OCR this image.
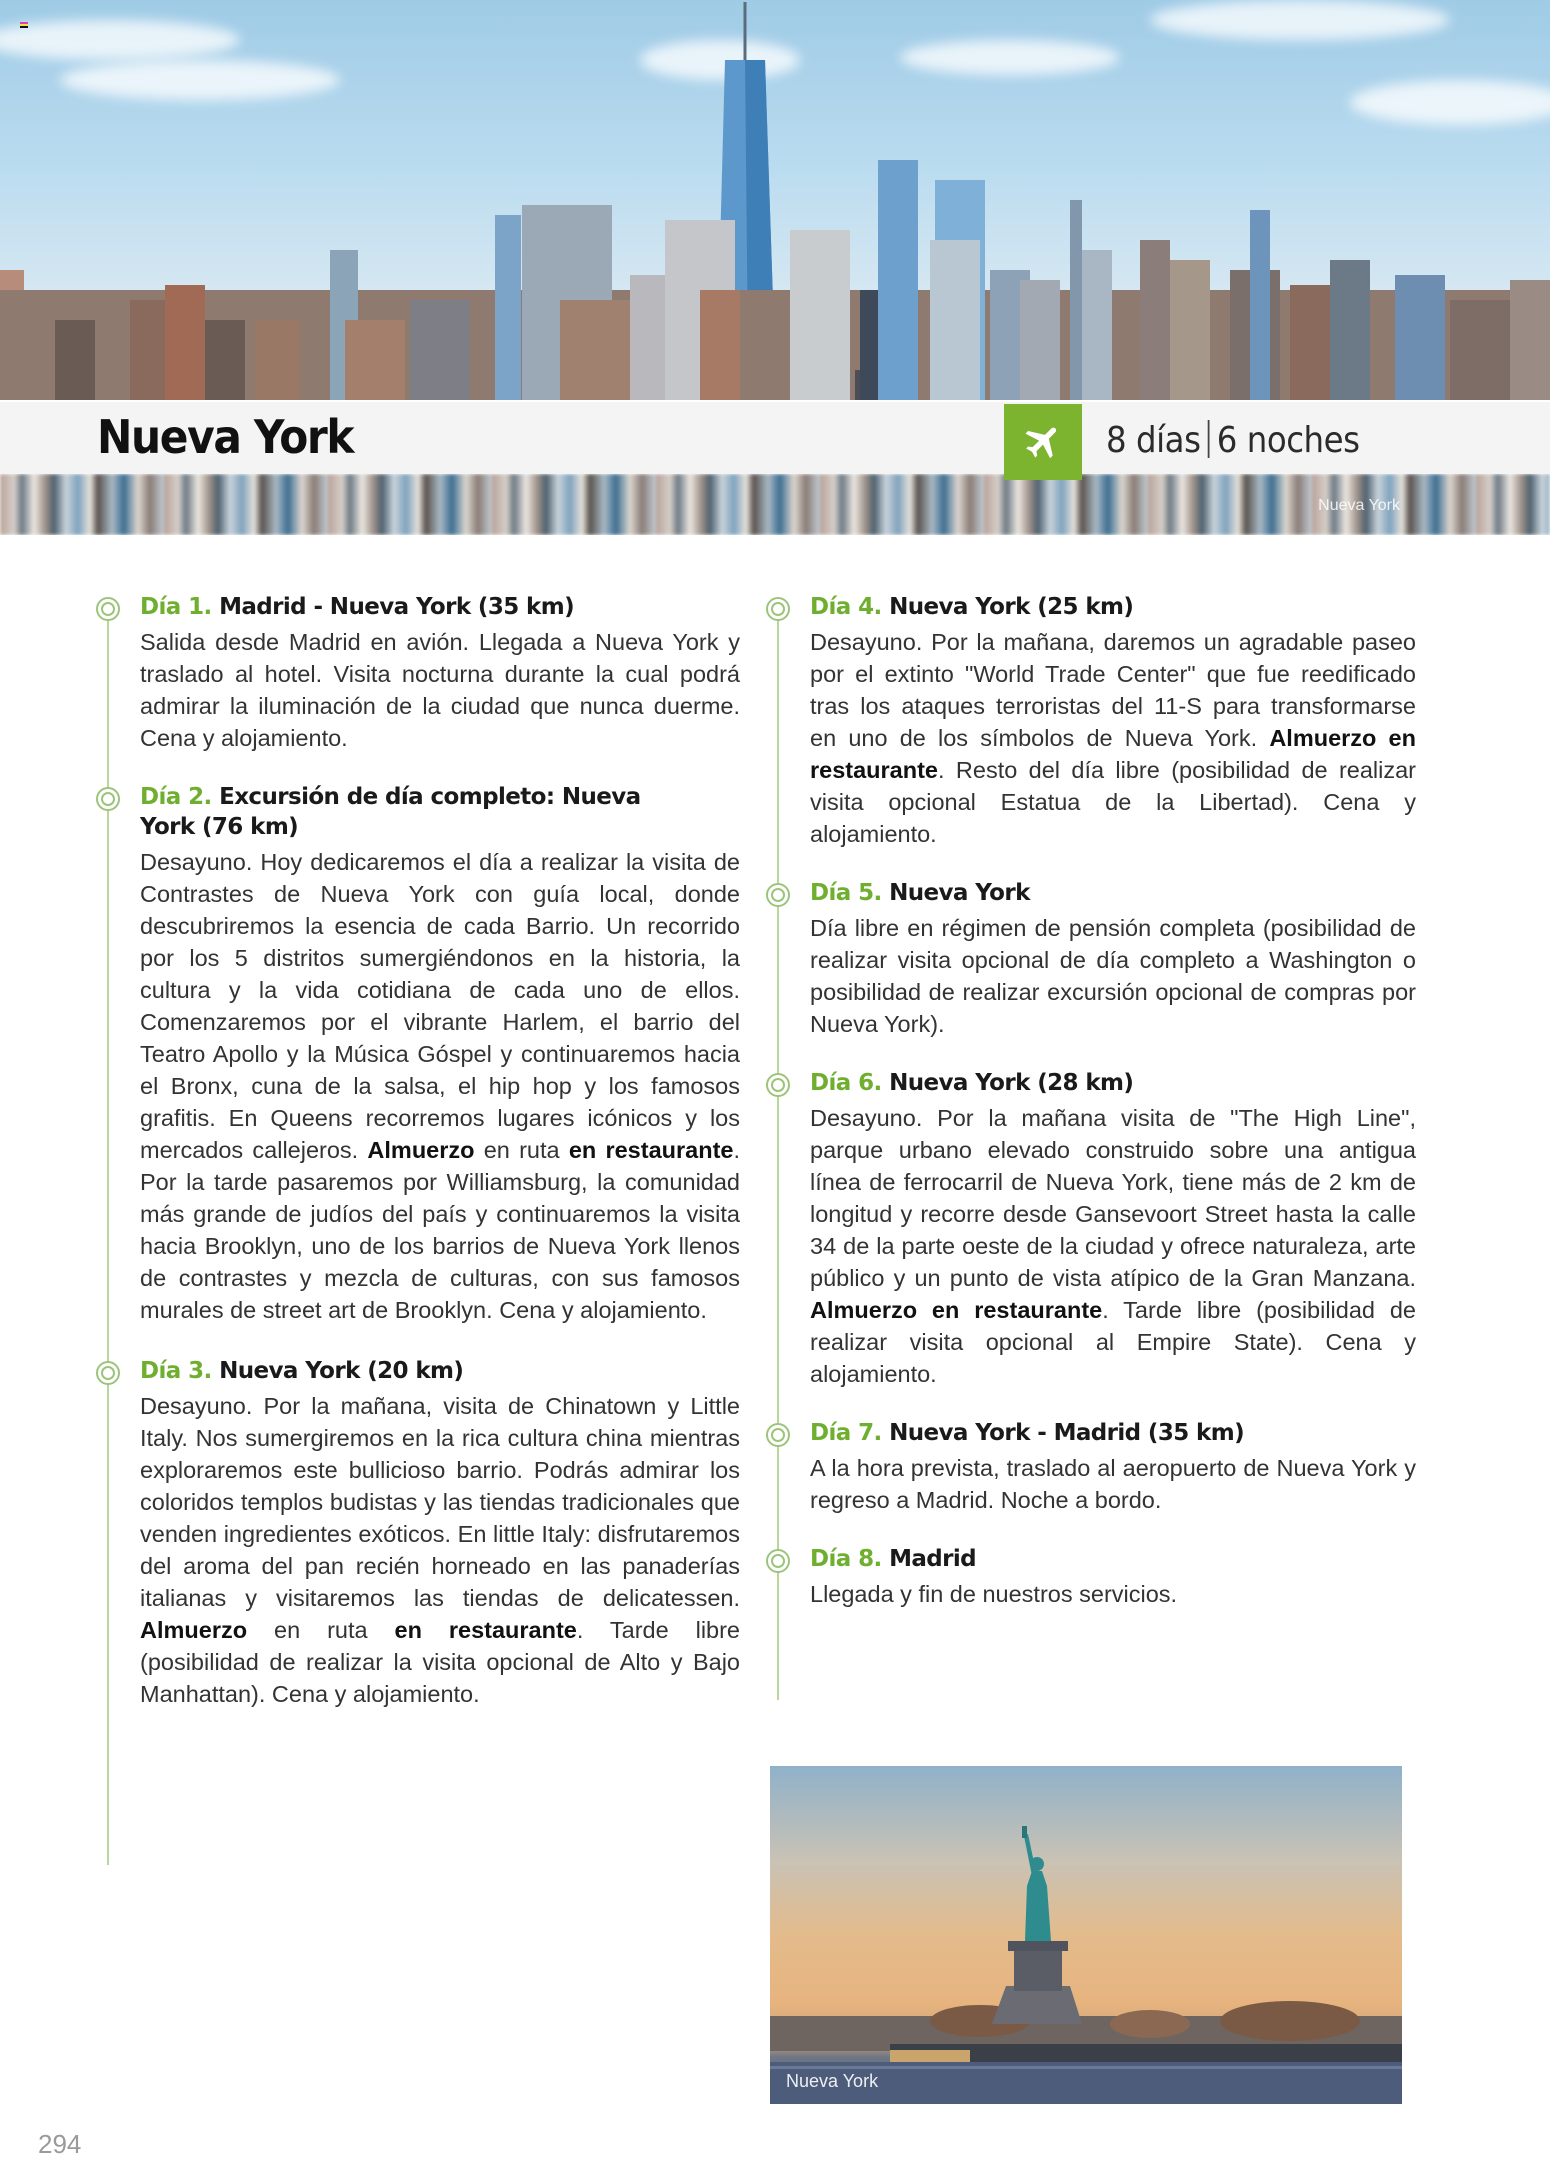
Nueva York
Nueva York	8 días 6 noches
Día 1. Madrid - Nueva York (35 km)

Salida desde Madrid en avión. Llegada a Nueva York y traslado al hotel. Visita nocturna durante la cual podrá admirar la iluminación de la ciudad que nunca duerme. Cena y alojamiento.

Día 2. Excursión de día completo: Nueva York (76 km)

Desayuno. Hoy dedicaremos el día a realizar la visita de Contrastes de Nueva York con guía local, donde descubriremos la esencia de cada Barrio. Un recorrido por los 5 distritos sumergiéndonos en la historia, la cultura y la vida cotidiana de cada uno de ellos. Comenzaremos por el vibrante Harlem, el barrio del Teatro Apollo y la Música Góspel y continuaremos hacia el Bronx, cuna de la salsa, el hip hop y los famosos grafitis. En Queens recorremos lugares icónicos y los mercados callejeros. Almuerzo en ruta en restaurante. Por la tarde pasaremos por Williamsburg, la comunidad más grande de judíos del país y continuaremos la visita hacia Brooklyn, uno de los barrios de Nueva York llenos de contrastes y mezcla de culturas, con sus famosos murales de street art de Brooklyn. Cena y alojamiento.

Día 3. Nueva York (20 km)

Desayuno. Por la mañana, visita de Chinatown y Little Italy. Nos sumergiremos en la rica cultura china mientras exploraremos este bullicioso barrio. Podrás admirar los coloridos templos budistas y las tiendas tradicionales que venden ingredientes exóticos. En little Italy: disfrutaremos del aroma del pan recién horneado en las panaderías italianas y visitaremos las tiendas de delicatessen. Almuerzo en ruta en restaurante. Tarde libre (posibilidad de realizar la visita opcional de Alto y Bajo Manhattan). Cena y alojamiento.

Día 4. Nueva York (25 km)

Desayuno. Por la mañana, daremos un agradable paseo por el extinto "World Trade Center" que fue reedificado tras los ataques terroristas del 11-S para transformarse en uno de los símbolos de Nueva York. Almuerzo en restaurante. Resto del día libre (posibilidad de realizar visita opcional Estatua de la Libertad). Cena y alojamiento.

Día 5. Nueva York

Día libre en régimen de pensión completa (posibilidad de realizar visita opcional de día completo a Washington o posibilidad de realizar excursión opcional de compras por Nueva York).

Día 6. Nueva York (28 km)

Desayuno. Por la mañana visita de "The High Line", parque urbano elevado construido sobre una antigua línea de ferrocarril de Nueva York, tiene más de 2 km de longitud y recorre desde Gansevoort Street hasta la calle 34 de la parte oeste de la ciudad y ofrece naturaleza, arte público y un punto de vista atípico de la Gran Manzana. Almuerzo en restaurante. Tarde libre (posibilidad de realizar visita opcional al Empire State). Cena y alojamiento.

Día 7. Nueva York - Madrid (35 km)

A la hora prevista, traslado al aeropuerto de Nueva York y regreso a Madrid. Noche a bordo.

Día 8. Madrid

Llegada y fin de nuestros servicios.

Nueva York
294
